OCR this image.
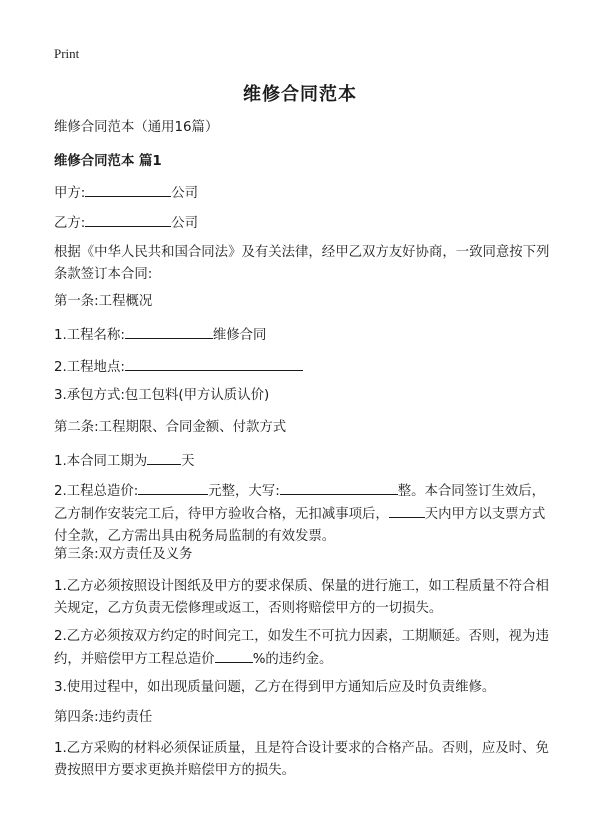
Print
维修合同范本
维修合同范本（通用16篇）
维修合同范本 篇1
甲方:	公司
乙方:	公司
根据《中华人民共和国合同法》及有关法律，经甲乙双方友好协商，一致同意按下列条款签订本合同:
第一条:工程概况
1.工程名称:	维修合同
2.工程地点:
3.承包方式:包工包料(甲方认质认价)
第二条:工程期限、合同金额、付款方式
1.本合同工期为	天
2.工程总造价:	元整，大写:	整。本合同签订生效后，乙方制作安装完工后，待甲方验收合格，无扣减事项后，	天内甲方以支票方式付全款，乙方需出具由税务局监制的有效发票。
第三条:双方责任及义务
1.乙方必须按照设计图纸及甲方的要求保质、保量的进行施工，如工程质量不符合相关规定，乙方负责无偿修理或返工，否则将赔偿甲方的一切损失。
2.乙方必须按双方约定的时间完工，如发生不可抗力因素，工期顺延。否则，视为违约，并赔偿甲方工程总造价	%的违约金。
3.使用过程中，如出现质量问题，乙方在得到甲方通知后应及时负责维修。
第四条:违约责任
1.乙方采购的材料必须保证质量，且是符合设计要求的合格产品。否则，应及时、免费按照甲方要求更换并赔偿甲方的损失。
